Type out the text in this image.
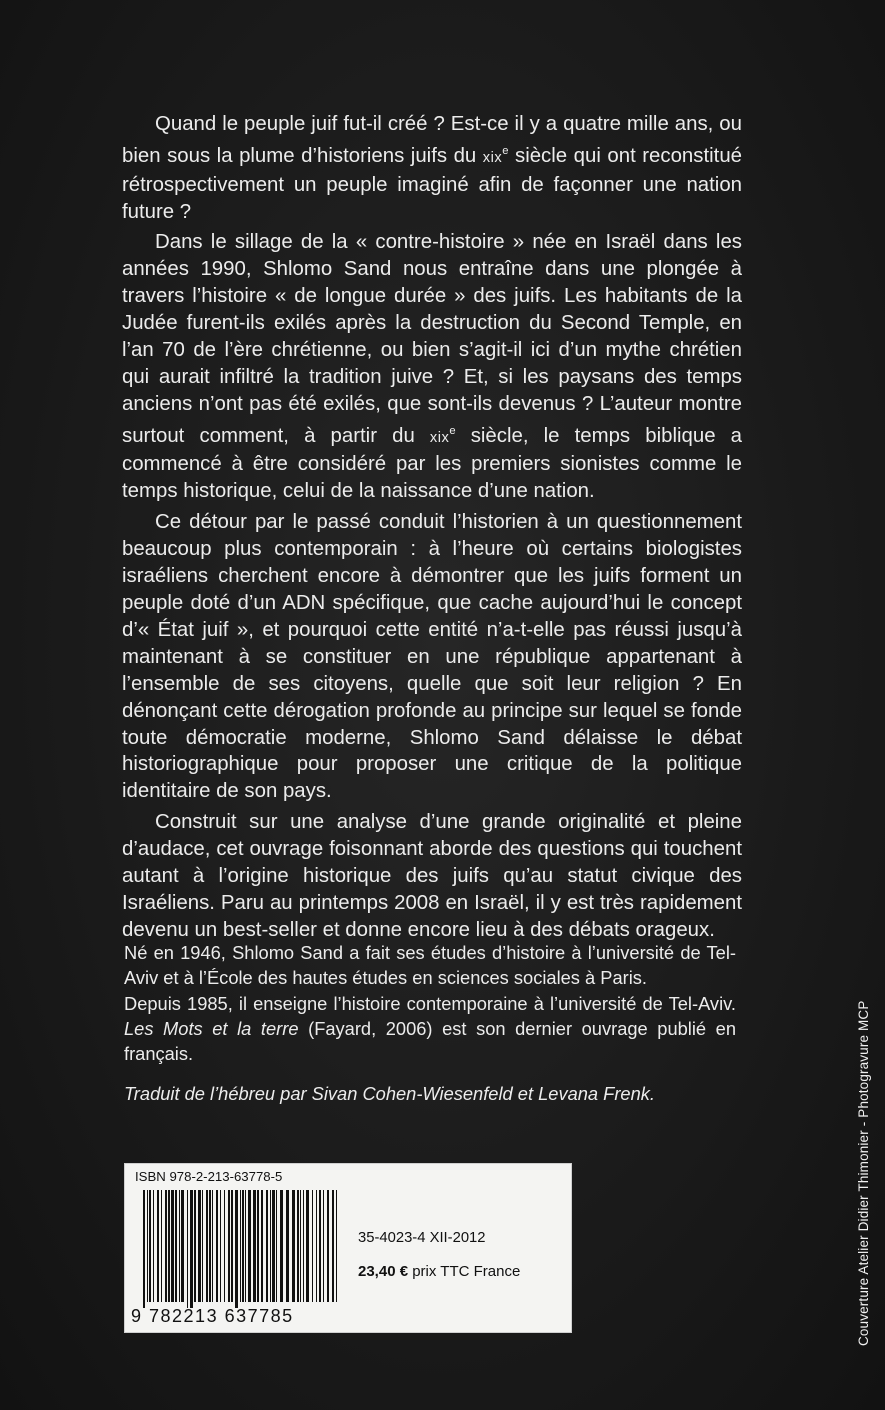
Quand le peuple juif fut-il créé ? Est-ce il y a quatre mille ans, ou bien sous la plume d’historiens juifs du xix$^e$ siècle qui ont reconstitué rétrospectivement un peuple imaginé afin de façonner une nation future ?

Dans le sillage de la « contre-histoire » née en Israël dans les années 1990, Shlomo Sand nous entraîne dans une plongée à travers l’histoire « de longue durée » des juifs. Les habitants de la Judée furent-ils exilés après la destruction du Second Temple, en l’an 70 de l’ère chrétienne, ou bien s’agit-il ici d’un mythe chrétien qui aurait infiltré la tradition juive ? Et, si les paysans des temps anciens n’ont pas été exilés, que sont-ils devenus ? L’auteur montre surtout comment, à partir du xix$^e$ siècle, le temps biblique a commencé à être considéré par les premiers sionistes comme le temps historique, celui de la naissance d’une nation.

Ce détour par le passé conduit l’historien à un questionnement beaucoup plus contemporain : à l’heure où certains biologistes israéliens cherchent encore à démontrer que les juifs forment un peuple doté d’un ADN spécifique, que cache aujourd’hui le concept d’« État juif », et pourquoi cette entité n’a-t-elle pas réussi jusqu’à maintenant à se constituer en une république appartenant à l’ensemble de ses citoyens, quelle que soit leur religion ? En dénonçant cette dérogation profonde au principe sur lequel se fonde toute démocratie moderne, Shlomo Sand délaisse le débat historiographique pour proposer une critique de la politique identitaire de son pays.

Construit sur une analyse d’une grande originalité et pleine d’audace, cet ouvrage foisonnant aborde des questions qui touchent autant à l’origine historique des juifs qu’au statut civique des Israéliens. Paru au printemps 2008 en Israël, il y est très rapidement devenu un best-seller et donne encore lieu à des débats orageux.

Né en 1946, Shlomo Sand a fait ses études d’histoire à l’université de Tel-Aviv et à l’École des hautes études en sciences sociales à Paris.

Depuis 1985, il enseigne l’histoire contemporaine à l’université de Tel-Aviv.

Les Mots et la terre (Fayard, 2006) est son dernier ouvrage publié en français.

Traduit de l’hébreu par Sivan Cohen-Wiesenfeld et Levana Frenk.	Couverture Atelier Didier Thimonier - Photogravure MCP
ISBN 978-2-213-63778-5
9 782213 637785
35-4023-4 XII-2012
23,40 € prix TTC France
